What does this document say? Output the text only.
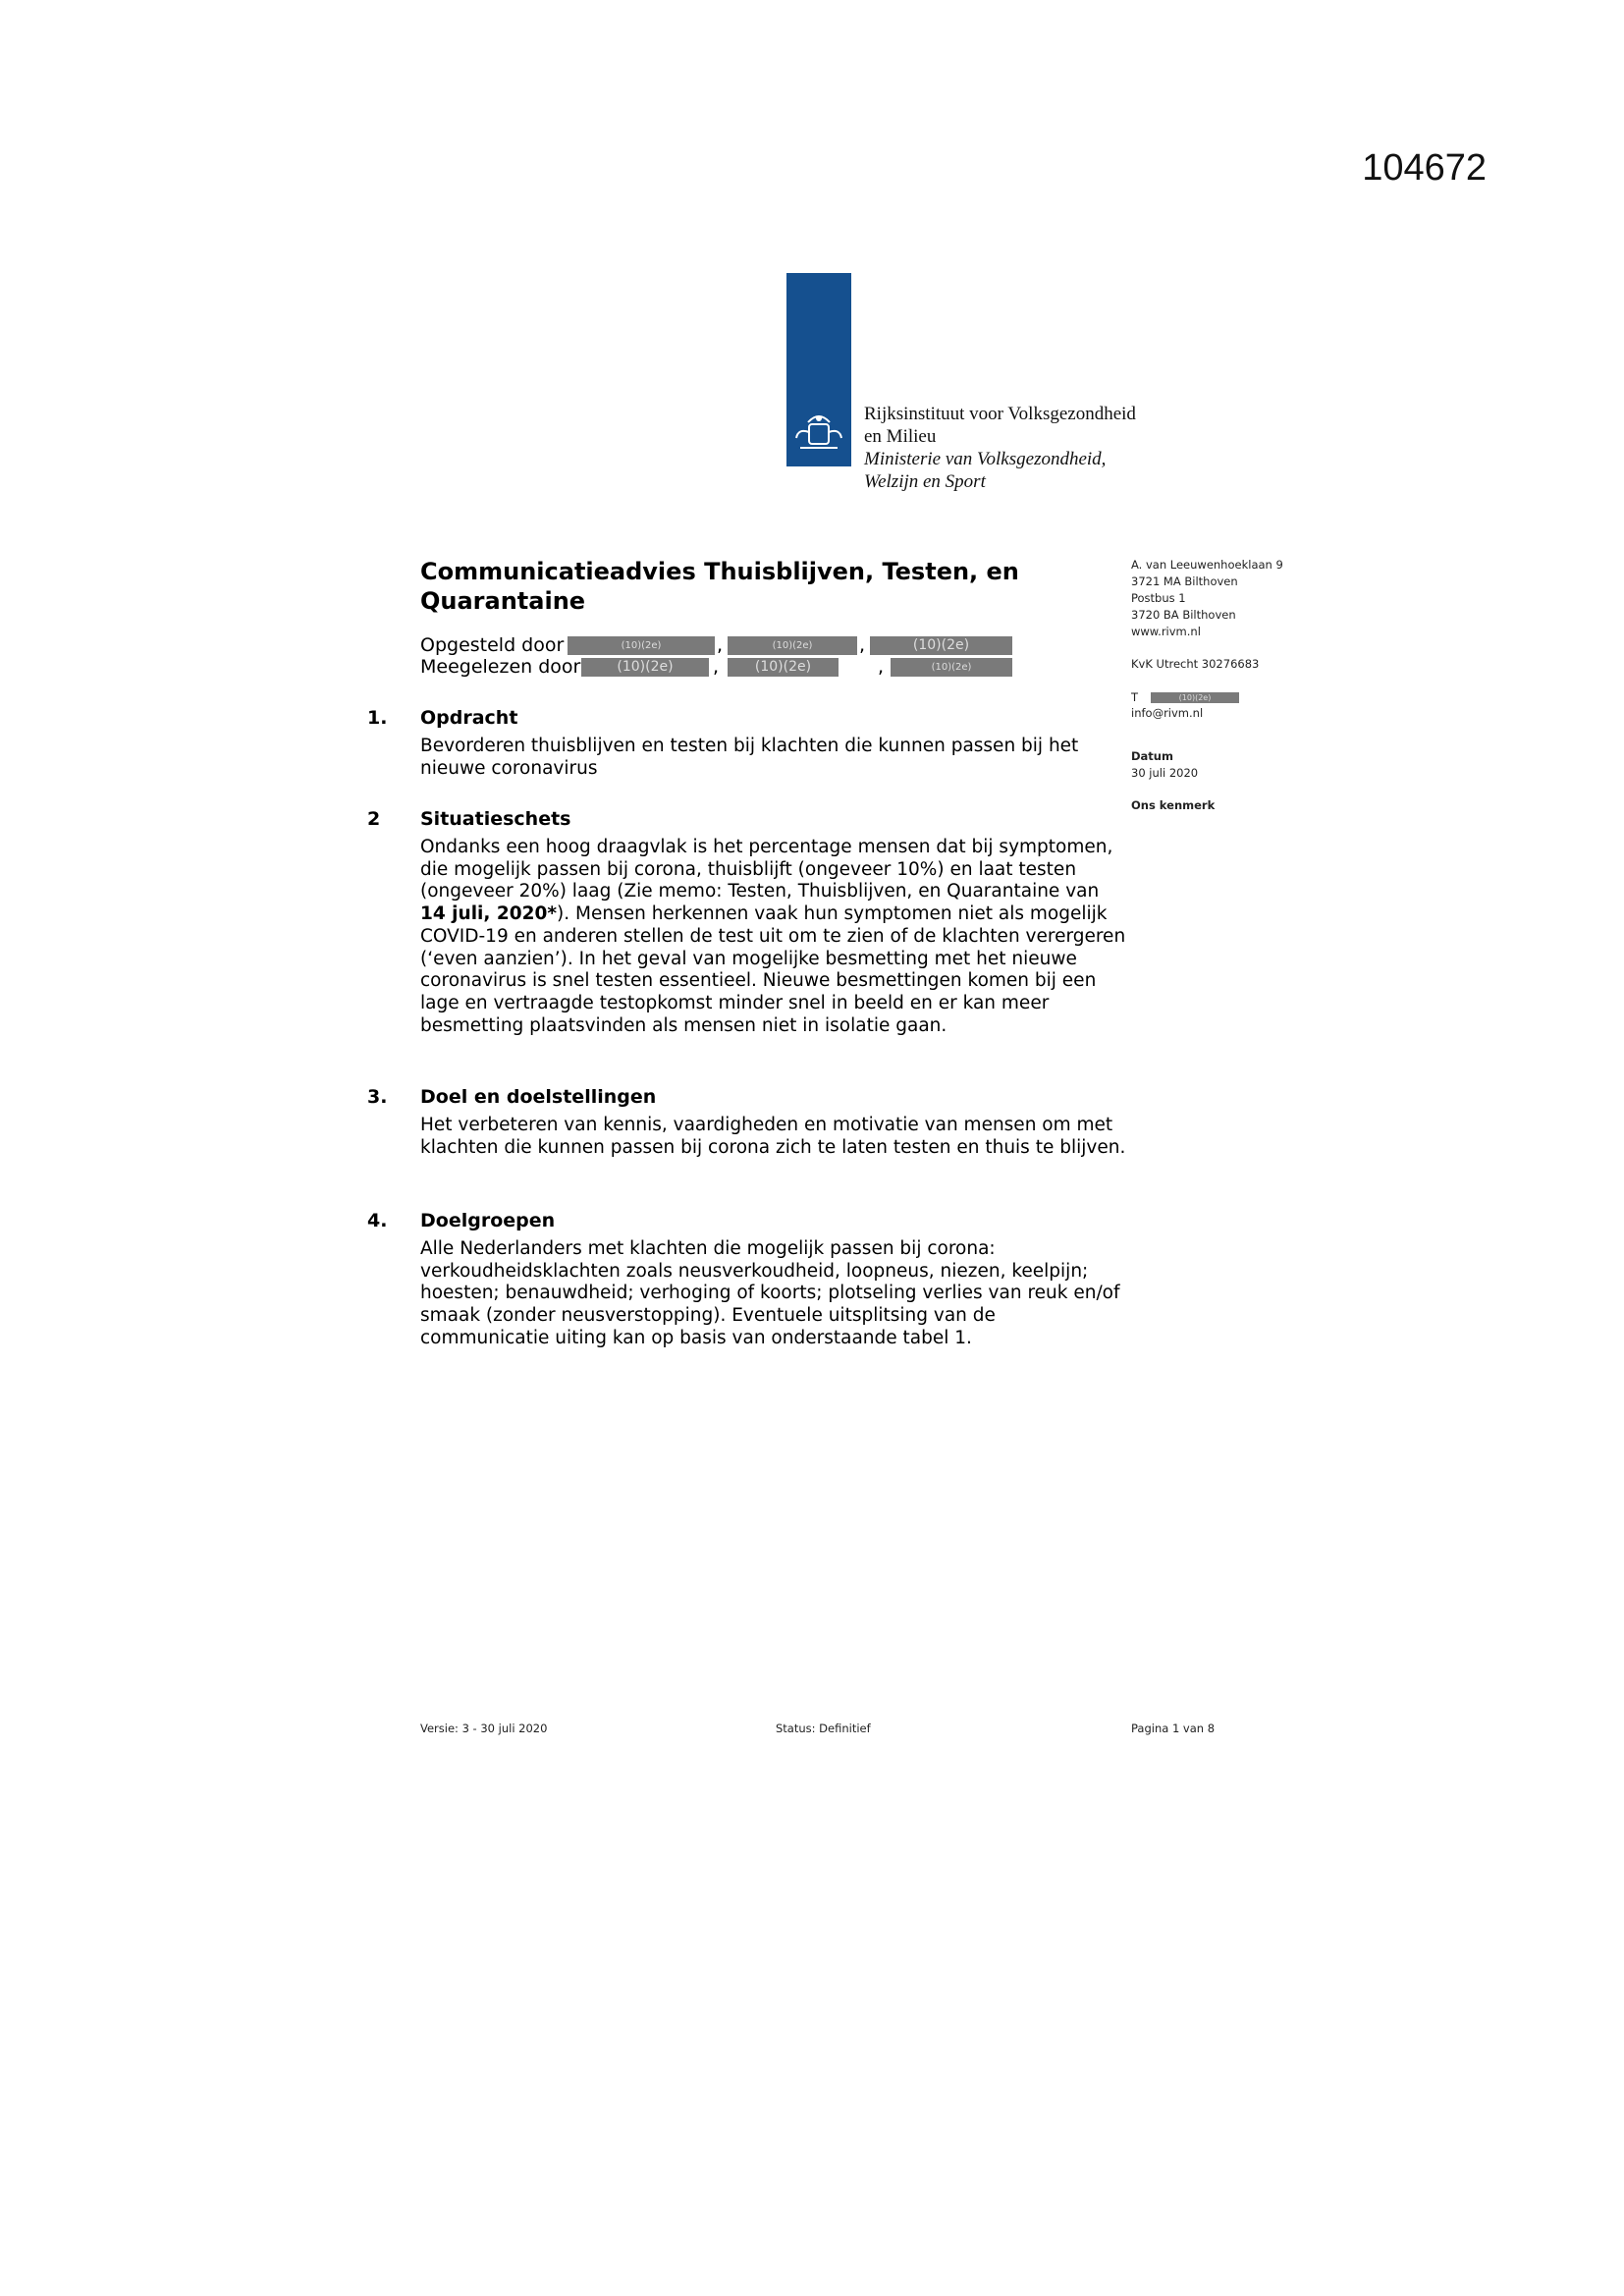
104672
Rijksinstituut voor Volksgezondheid
en Milieu
Ministerie van Volksgezondheid,
Welzijn en Sport
Communicatieadvies Thuisblijven, Testen, en Quarantaine
Opgesteld door	(10)(2e)	,	(10)(2e)	,	(10)(2e)
Meegelezen door	(10)(2e)	,	(10)(2e)	,	(10)(2e)
1. Opdracht
Bevorderen thuisblijven en testen bij klachten die kunnen passen bij het nieuwe coronavirus
2 Situatieschets
Ondanks een hoog draagvlak is het percentage mensen dat bij symptomen, die mogelijk passen bij corona, thuisblijft (ongeveer 10%) en laat testen (ongeveer 20%) laag (Zie memo: Testen, Thuisblijven, en Quarantaine van 14 juli, 2020*). Mensen herkennen vaak hun symptomen niet als mogelijk COVID-19 en anderen stellen de test uit om te zien of de klachten verergeren (‘even aanzien’). In het geval van mogelijke besmetting met het nieuwe coronavirus is snel testen essentieel. Nieuwe besmettingen komen bij een lage en vertraagde testopkomst minder snel in beeld en er kan meer besmetting plaatsvinden als mensen niet in isolatie gaan.
3. Doel en doelstellingen
Het verbeteren van kennis, vaardigheden en motivatie van mensen om met klachten die kunnen passen bij corona zich te laten testen en thuis te blijven.
4. Doelgroepen
Alle Nederlanders met klachten die mogelijk passen bij corona: verkoudheidsklachten zoals neusverkoudheid, loopneus, niezen, keelpijn; hoesten; benauwdheid; verhoging of koorts; plotseling verlies van reuk en/of smaak (zonder neusverstopping). Eventuele uitsplitsing van de communicatie uiting kan op basis van onderstaande tabel 1.
A. van Leeuwenhoeklaan 9
3721 MA Bilthoven
Postbus 1
3720 BA Bilthoven
www.rivm.nl
KvK Utrecht 30276683
T	(10)(2e)
info@rivm.nl
Datum
30 juli 2020
Ons kenmerk
Versie: 3 - 30 juli 2020	Status: Definitief	Pagina 1 van 8
